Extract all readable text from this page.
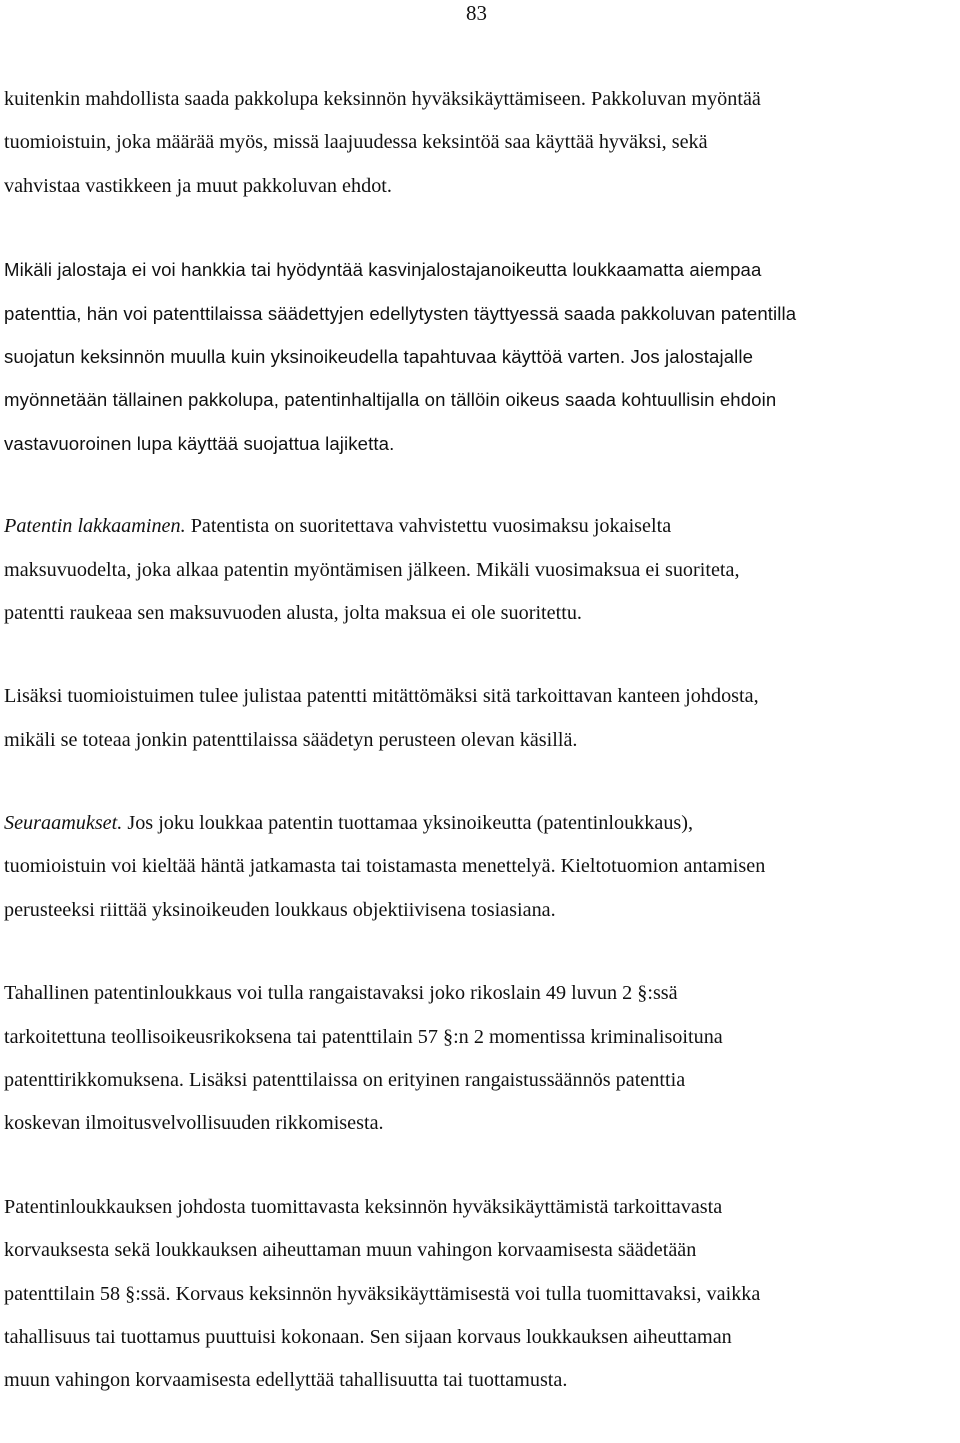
83

kuitenkin mahdollista saada pakkolupa keksinnön hyväksikäyttämiseen. Pakkoluvan myöntää
tuomioistuin, joka määrää myös, missä laajuudessa keksintöä saa käyttää hyväksi, sekä
vahvistaa vastikkeen ja muut pakkoluvan ehdot.

Mikäli jalostaja ei voi hankkia tai hyödyntää kasvinjalostajanoikeutta loukkaamatta aiempaa
patenttia, hän voi patenttilaissa säädettyjen edellytysten täyttyessä saada pakkoluvan patentilla
suojatun keksinnön muulla kuin yksinoikeudella tapahtuvaa käyttöä varten. Jos jalostajalle
myönnetään tällainen pakkolupa, patentinhaltijalla on tällöin oikeus saada kohtuullisin ehdoin
vastavuoroinen lupa käyttää suojattua lajiketta.

Patentin lakkaaminen. Patentista on suoritettava vahvistettu vuosimaksu jokaiselta
maksuvuodelta, joka alkaa patentin myöntämisen jälkeen. Mikäli vuosimaksua ei suoriteta,
patentti raukeaa sen maksuvuoden alusta, jolta maksua ei ole suoritettu.

Lisäksi tuomioistuimen tulee julistaa patentti mitättömäksi sitä tarkoittavan kanteen johdosta,
mikäli se toteaa jonkin patenttilaissa säädetyn perusteen olevan käsillä.

Seuraamukset. Jos joku loukkaa patentin tuottamaa yksinoikeutta (patentinloukkaus),
tuomioistuin voi kieltää häntä jatkamasta tai toistamasta menettelyä. Kieltotuomion antamisen
perusteeksi riittää yksinoikeuden loukkaus objektiivisena tosiasiana.

Tahallinen patentinloukkaus voi tulla rangaistavaksi joko rikoslain 49 luvun 2 §:ssä
tarkoitettuna teollisoikeusrikoksena tai patenttilain 57 §:n 2 momentissa kriminalisoituna
patenttirikkomuksena. Lisäksi patenttilaissa on erityinen rangaistussäännös patenttia
koskevan ilmoitusvelvollisuuden rikkomisesta.

Patentinloukkauksen johdosta tuomittavasta keksinnön hyväksikäyttämistä tarkoittavasta
korvauksesta sekä loukkauksen aiheuttaman muun vahingon korvaamisesta säädetään
patenttilain 58 §:ssä. Korvaus keksinnön hyväksikäyttämisestä voi tulla tuomittavaksi, vaikka
tahallisuus tai tuottamus puuttuisi kokonaan. Sen sijaan korvaus loukkauksen aiheuttaman
muun vahingon korvaamisesta edellyttää tahallisuutta tai tuottamusta.
